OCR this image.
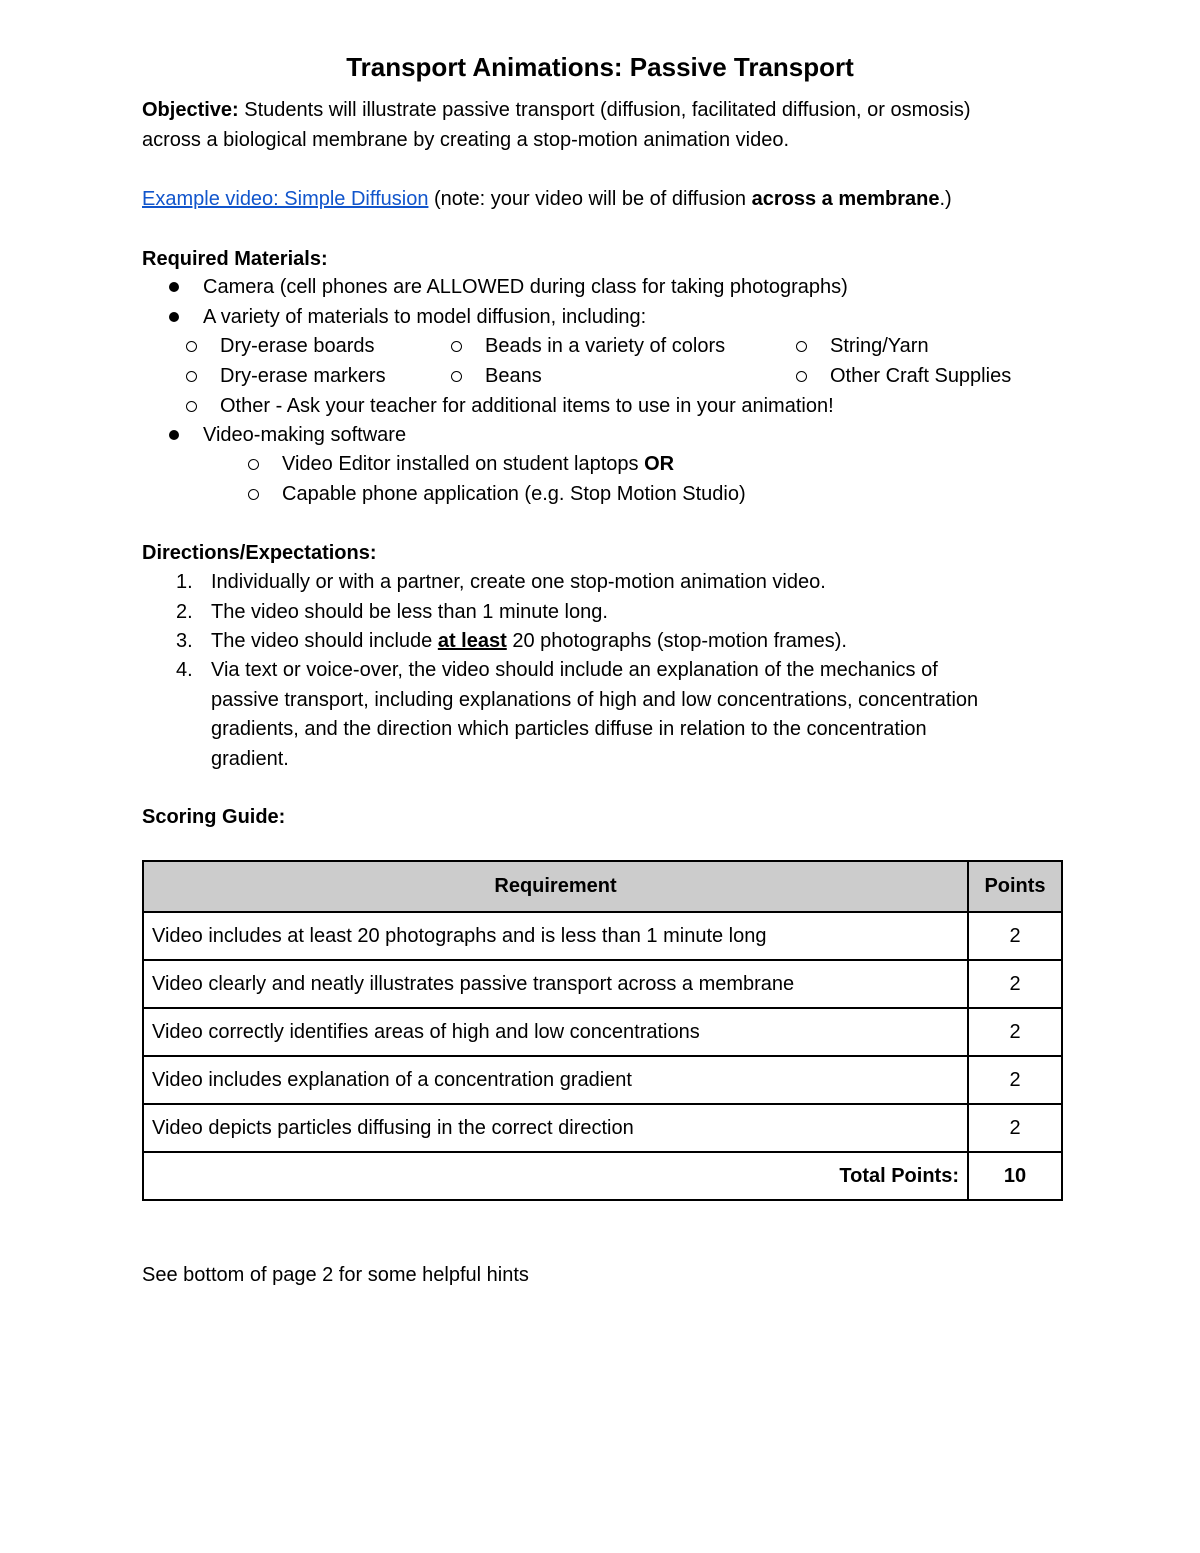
Transport Animations: Passive Transport
Objective: Students will illustrate passive transport (diffusion, facilitated diffusion, or osmosis)
across a biological membrane by creating a stop-motion animation video.
Example video: Simple Diffusion (note: your video will be of diffusion across a membrane.)
Required Materials:
Camera (cell phones are ALLOWED during class for taking photographs)
A variety of materials to model diffusion, including:
Dry-erase boards	Beads in a variety of colors	String/Yarn
Dry-erase markers	Beans	Other Craft Supplies
Other - Ask your teacher for additional items to use in your animation!
Video-making software
Video Editor installed on student laptops OR
Capable phone application (e.g. Stop Motion Studio)
Directions/Expectations:
1. Individually or with a partner, create one stop-motion animation video.
2. The video should be less than 1 minute long.
3. The video should include at least 20 photographs (stop-motion frames).
4. Via text or voice-over, the video should include an explanation of the mechanics of
passive transport, including explanations of high and low concentrations, concentration
gradients, and the direction which particles diffuse in relation to the concentration
gradient.
Scoring Guide:
Requirement	Points
Video includes at least 20 photographs and is less than 1 minute long	2
Video clearly and neatly illustrates passive transport across a membrane	2
Video correctly identifies areas of high and low concentrations	2
Video includes explanation of a concentration gradient	2
Video depicts particles diffusing in the correct direction	2
Total Points:	10
See bottom of page 2 for some helpful hints
